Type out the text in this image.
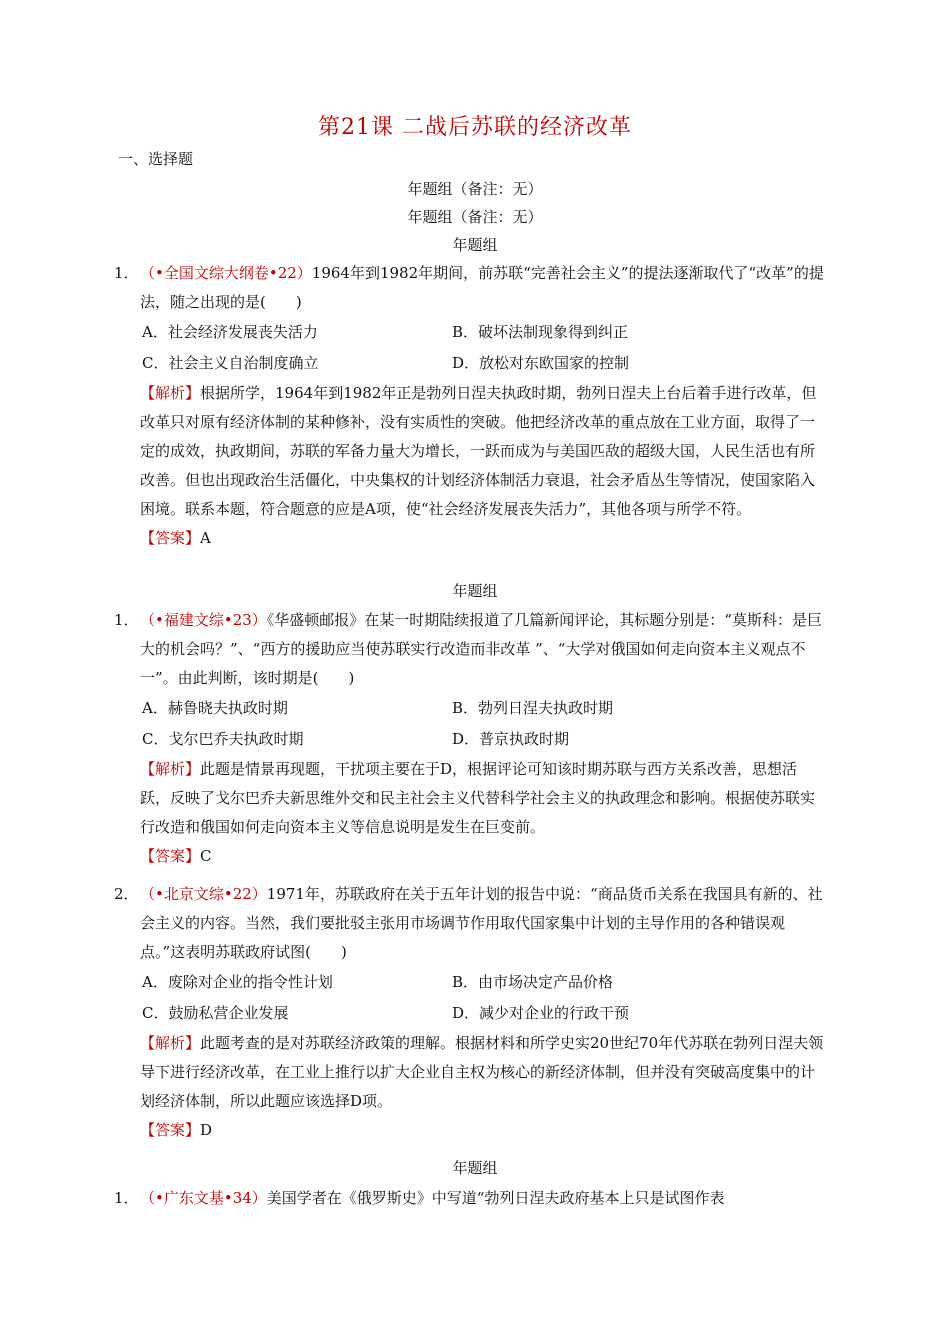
第21课 二战后苏联的经济改革
一、选择题
年题组（备注：无）
年题组（备注：无）
年题组
1． （•全国文综大纲卷•22）1964年到1982年期间，前苏联“完善社会主义”的提法逐渐取代了“改革”的提法，随之出现的是(　　)
A．社会经济发展丧失活力	B．破坏法制现象得到纠正
C．社会主义自治制度确立	D．放松对东欧国家的控制
【解析】根据所学，1964年到1982年正是勃列日涅夫执政时期，勃列日涅夫上台后着手进行改革，但改革只对原有经济体制的某种修补，没有实质性的突破。他把经济改革的重点放在工业方面，取得了一定的成效，执政期间，苏联的军备力量大为增长，一跃而成为与美国匹敌的超级大国，人民生活也有所改善。但也出现政治生活僵化，中央集权的计划经济体制活力衰退，社会矛盾丛生等情况，使国家陷入困境。联系本题，符合题意的应是A项，使“社会经济发展丧失活力”，其他各项与所学不符。
【答案】A
年题组
1． （•福建文综•23）《华盛顿邮报》在某一时期陆续报道了几篇新闻评论，其标题分别是：“莫斯科：是巨大的机会吗？”、“西方的援助应当使苏联实行改造而非改革 ”、“大学对俄国如何走向资本主义观点不一”。由此判断，该时期是(　　)
A．赫鲁晓夫执政时期	B．勃列日涅夫执政时期
C．戈尔巴乔夫执政时期	D．普京执政时期
【解析】此题是情景再现题，干扰项主要在于D，根据评论可知该时期苏联与西方关系改善，思想活跃，反映了戈尔巴乔夫新思维外交和民主社会主义代替科学社会主义的执政理念和影响。根据使苏联实行改造和俄国如何走向资本主义等信息说明是发生在巨变前。
【答案】C
2． （•北京文综•22）1971年，苏联政府在关于五年计划的报告中说：“商品货币关系在我国具有新的、社会主义的内容。当然，我们要批驳主张用市场调节作用取代国家集中计划的主导作用的各种错误观点。”这表明苏联政府试图(　　)
A．废除对企业的指令性计划	B．由市场决定产品价格
C．鼓励私营企业发展	D．减少对企业的行政干预
【解析】此题考查的是对苏联经济政策的理解。根据材料和所学史实20世纪70年代苏联在勃列日涅夫领导下进行经济改革，在工业上推行以扩大企业自主权为核心的新经济体制，但并没有突破高度集中的计划经济体制，所以此题应该选择D项。
【答案】D
年题组
1． （•广东文基•34）美国学者在《俄罗斯史》中写道“勃列日涅夫政府基本上只是试图作表
